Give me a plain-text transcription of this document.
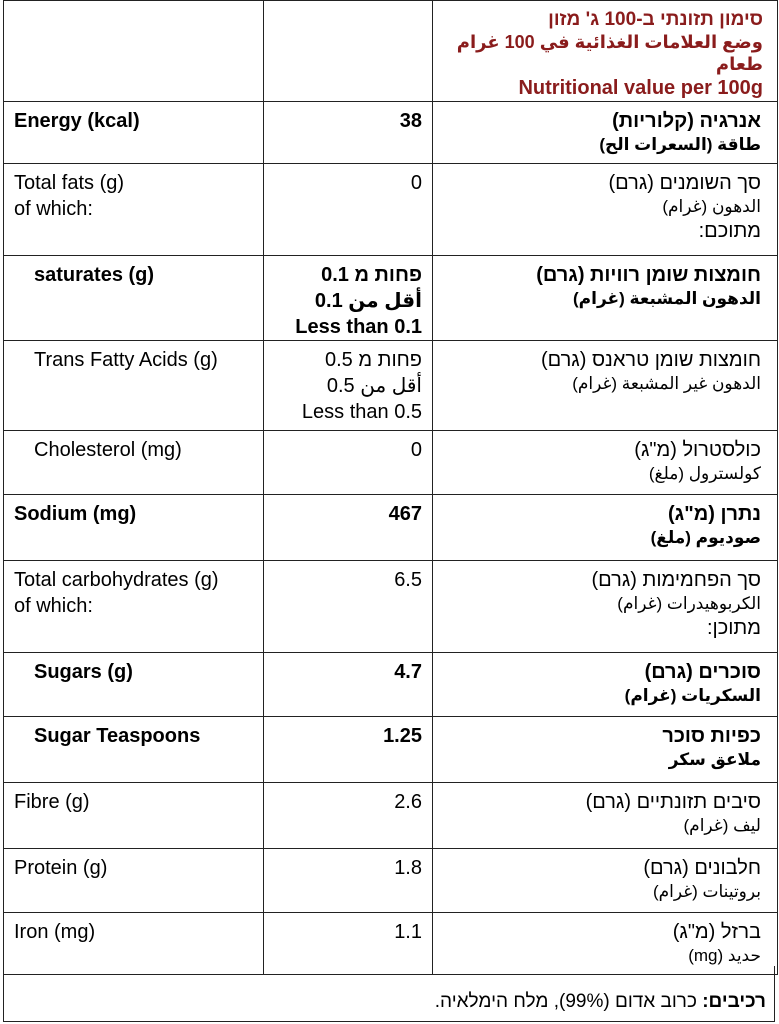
		סימון תזונתי ב-100 ג' מזון
وضع العلامات الغذائية في 100 غرام طعام
Nutritional value per 100g

Energy (kcal)	38	אנרגיה (קלוריות)
طاقة (السعرات الح)

Total fats (g)
of which:	0	סך השומנים (גרם)
الدهون (غرام)
מתוכם:

saturates (g)	פחות מ 0.1
أقل من 0.1
Less than 0.1	חומצות שומן רוויות (גרם)
الدهون المشبعة (غرام)

Trans Fatty Acids (g)	פחות מ 0.5
أقل من 0.5
Less than 0.5	חומצות שומן טראנס (גרם)
الدهون غير المشبعة (غرام)

Cholesterol (mg)	0	כולסטרול (מ"ג)
كولسترول (ملغ)

Sodium (mg)	467	נתרן (מ"ג)
صوديوم (ملغ)

Total carbohydrates (g)
of which:	6.5	סך הפחמימות (גרם)
الكربوهيدرات (غرام)
מתוכן:

Sugars (g)	4.7	סוכרים (גרם)
السكريات (غرام)

Sugar Teaspoons	1.25	כפיות סוכר
ملاعق سكر

Fibre (g)	2.6	סיבים תזונתיים (גרם)
ليف (غرام)

Protein (g)	1.8	חלבונים (גרם)
بروتينات (غرام)

Iron (mg)	1.1	ברזל (מ"ג)
حديد (mg)
רכיבים: כרוב אדום (99%), מלח הימלאיה.
